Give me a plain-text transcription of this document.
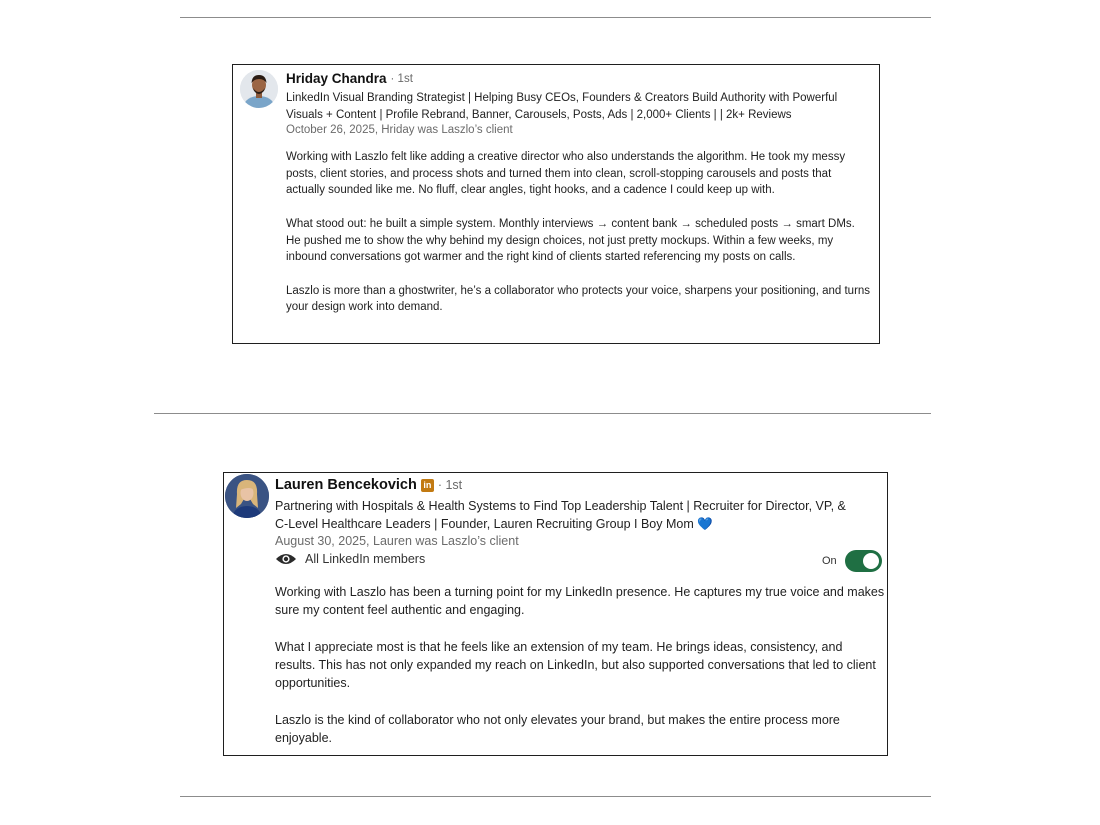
Hriday Chandra · 1st
LinkedIn Visual Branding Strategist | Helping Busy CEOs, Founders & Creators Build Authority with Powerful
Visuals + Content | Profile Rebrand, Banner, Carousels, Posts, Ads | 2,000+ Clients | | 2k+ Reviews
October 26, 2025, Hriday was Laszlo’s client

Working with Laszlo felt like adding a creative director who also understands the algorithm. He took my messy posts, client stories, and process shots and turned them into clean, scroll-stopping carousels and posts that actually sounded like me. No fluff, clear angles, tight hooks, and a cadence I could keep up with.

What stood out: he built a simple system. Monthly interviews → content bank → scheduled posts → smart DMs. He pushed me to show the why behind my design choices, not just pretty mockups. Within a few weeks, my inbound conversations got warmer and the right kind of clients started referencing my posts on calls.

Laszlo is more than a ghostwriter, he’s a collaborator who protects your voice, sharpens your positioning, and turns your design work into demand.

Lauren Bencekovich in · 1st
Partnering with Hospitals & Health Systems to Find Top Leadership Talent | Recruiter for Director, VP, &
C-Level Healthcare Leaders | Founder, Lauren Recruiting Group I Boy Mom 💙
August 30, 2025, Lauren was Laszlo’s client
All LinkedIn members	On

Working with Laszlo has been a turning point for my LinkedIn presence. He captures my true voice and makes sure my content feel authentic and engaging.

What I appreciate most is that he feels like an extension of my team. He brings ideas, consistency, and results. This has not only expanded my reach on LinkedIn, but also supported conversations that led to client opportunities.

Laszlo is the kind of collaborator who not only elevates your brand, but makes the entire process more enjoyable.
